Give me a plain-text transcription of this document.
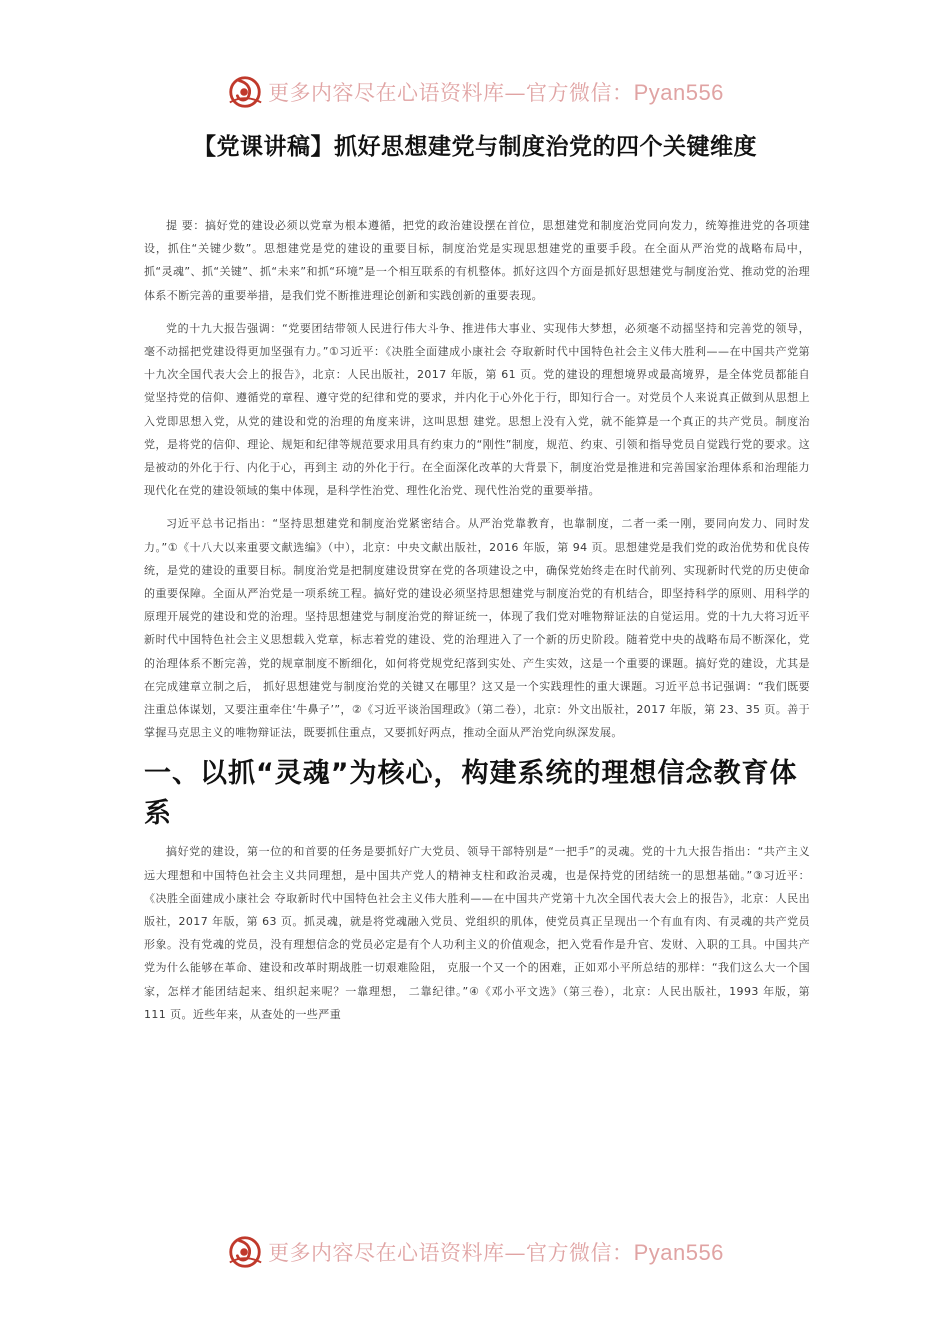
更多内容尽在心语资料库—官方微信：Pyan556
【党课讲稿】抓好思想建党与制度治党的四个关键维度

提 要：搞好党的建设必须以党章为根本遵循，把党的政治建设摆在首位，思想建党和制度治党同向发力，统筹推进党的各项建设，抓住“关键少数”。思想建党是党的建设的重要目标，制度治党是实现思想建党的重要手段。在全面从严治党的战略布局中，抓“灵魂”、抓“关键”、抓“未来”和抓“环境”是一个相互联系的有机整体。抓好这四个方面是抓好思想建党与制度治党、推动党的治理体系不断完善的重要举措，是我们党不断推进理论创新和实践创新的重要表现。

党的十九大报告强调：“党要团结带领人民进行伟大斗争、推进伟大事业、实现伟大梦想，必须毫不动摇坚持和完善党的领导，毫不动摇把党建设得更加坚强有力。”①习近平：《决胜全面建成小康社会 夺取新时代中国特色社会主义伟大胜利——在中国共产党第十九次全国代表大会上的报告》，北京：人民出版社，2017 年版，第 61 页。党的建设的理想境界或最高境界，是全体党员都能自觉坚持党的信仰、遵循党的章程、遵守党的纪律和党的要求，并内化于心外化于行，即知行合一。对党员个人来说真正做到从思想上入党即思想入党，从党的建设和党的治理的角度来讲，这叫思想 建党。思想上没有入党，就不能算是一个真正的共产党员。制度治党，是将党的信仰、理论、规矩和纪律等规范要求用具有约束力的“刚性”制度，规范、约束、引领和指导党员自觉践行党的要求。这是被动的外化于行、内化于心，再到主 动的外化于行。在全面深化改革的大背景下，制度治党是推进和完善国家治理体系和治理能力现代化在党的建设领域的集中体现，是科学性治党、理性化治党、现代性治党的重要举措。

习近平总书记指出：“坚持思想建党和制度治党紧密结合。从严治党靠教育，也靠制度，二者一柔一刚，要同向发力、同时发力。”①《十八大以来重要文献选编》（中），北京：中央文献出版社，2016 年版，第 94 页。思想建党是我们党的政治优势和优良传统，是党的建设的重要目标。制度治党是把制度建设贯穿在党的各项建设之中，确保党始终走在时代前列、实现新时代党的历史使命的重要保障。全面从严治党是一项系统工程。搞好党的建设必须坚持思想建党与制度治党的有机结合，即坚持科学的原则、用科学的原理开展党的建设和党的治理。坚持思想建党与制度治党的辩证统一，体现了我们党对唯物辩证法的自觉运用。党的十九大将习近平新时代中国特色社会主义思想载入党章，标志着党的建设、党的治理进入了一个新的历史阶段。随着党中央的战略布局不断深化，党的治理体系不断完善，党的规章制度不断细化，如何将党规党纪落到实处、产生实效，这是一个重要的课题。搞好党的建设，尤其是在完成建章立制之后， 抓好思想建党与制度治党的关键又在哪里？这又是一个实践理性的重大课题。习近平总书记强调：“我们既要注重总体谋划，又要注重牵住‘牛鼻子’”，②《习近平谈治国理政》（第二卷），北京：外文出版社，2017 年版，第 23、35 页。善于掌握马克思主义的唯物辩证法，既要抓住重点，又要抓好两点，推动全面从严治党向纵深发展。

一、以抓“灵魂”为核心，构建系统的理想信念教育体系

搞好党的建设，第一位的和首要的任务是要抓好广大党员、领导干部特别是“一把手”的灵魂。党的十九大报告指出：“共产主义远大理想和中国特色社会主义共同理想，是中国共产党人的精神支柱和政治灵魂，也是保持党的团结统一的思想基础。”③习近平：《决胜全面建成小康社会 夺取新时代中国特色社会主义伟大胜利——在中国共产党第十九次全国代表大会上的报告》，北京：人民出版社，2017 年版，第 63 页。抓灵魂，就是将党魂融入党员、党组织的肌体，使党员真正呈现出一个有血有肉、有灵魂的共产党员形象。没有党魂的党员，没有理想信念的党员必定是有个人功利主义的价值观念，把入党看作是升官、发财、入职的工具。中国共产党为什么能够在革命、建设和改革时期战胜一切艰难险阻， 克服一个又一个的困难，正如邓小平所总结的那样：“我们这么大一个国家，怎样才能团结起来、组织起来呢？一靠理想， 二靠纪律。”④《邓小平文选》（第三卷），北京：人民出版社，1993 年版，第 111 页。近些年来，从查处的一些严重

更多内容尽在心语资料库—官方微信：Pyan556
